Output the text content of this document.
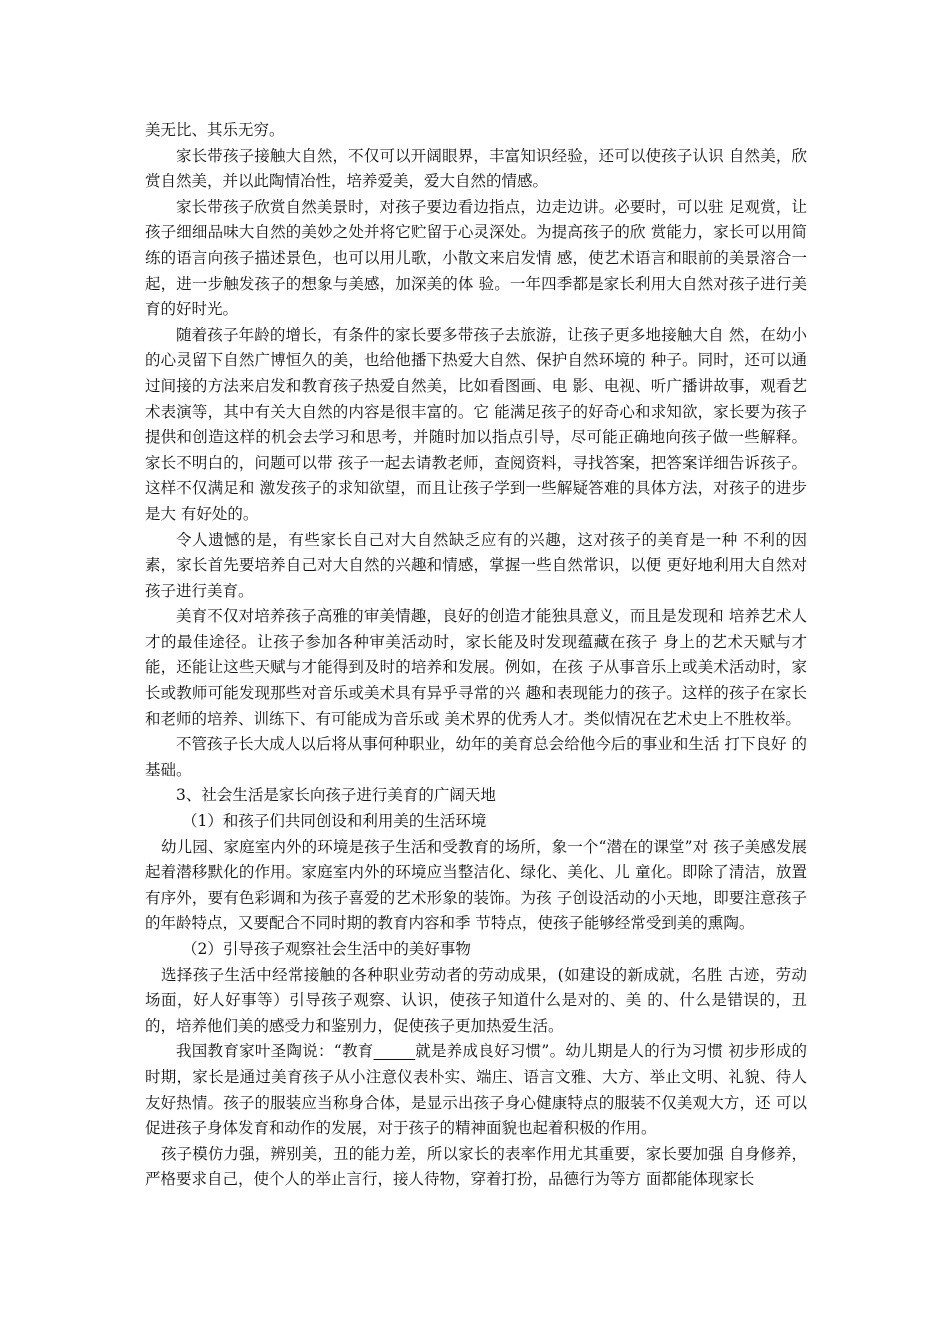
美无比、其乐无穷。

家长带孩子接触大自然，不仅可以开阔眼界，丰富知识经验，还可以使孩子认识 自然美，欣赏自然美，并以此陶情冶性，培养爱美，爱大自然的情感。

家长带孩子欣赏自然美景时，对孩子要边看边指点，边走边讲。必要时，可以驻 足观赏，让孩子细细品味大自然的美妙之处并将它贮留于心灵深处。为提高孩子的欣 赏能力，家长可以用简练的语言向孩子描述景色，也可以用儿歌，小散文来启发情 感，使艺术语言和眼前的美景溶合一起，进一步触发孩子的想象与美感，加深美的体 验。一年四季都是家长利用大自然对孩子进行美育的好时光。

随着孩子年龄的增长，有条件的家长要多带孩子去旅游，让孩子更多地接触大自 然，在幼小的心灵留下自然广博恒久的美，也给他播下热爱大自然、保护自然环境的 种子。同时，还可以通过间接的方法来启发和教育孩子热爱自然美，比如看图画、电 影、电视、听广播讲故事，观看艺术表演等，其中有关大自然的内容是很丰富的。它 能满足孩子的好奇心和求知欲，家长要为孩子提供和创造这样的机会去学习和思考，并随时加以指点引导，尽可能正确地向孩子做一些解释。家长不明白的，问题可以带 孩子一起去请教老师，查阅资料，寻找答案，把答案详细告诉孩子。这样不仅满足和 激发孩子的求知欲望，而且让孩子学到一些解疑答难的具体方法，对孩子的进步是大 有好处的。

令人遗憾的是，有些家长自己对大自然缺乏应有的兴趣，这对孩子的美育是一种 不利的因素，家长首先要培养自己对大自然的兴趣和情感，掌握一些自然常识，以便 更好地利用大自然对孩子进行美育。

美育不仅对培养孩子高雅的审美情趣，良好的创造才能独具意义，而且是发现和 培养艺术人才的最佳途径。让孩子参加各种审美活动时，家长能及时发现蕴藏在孩子 身上的艺术天赋与才能，还能让这些天赋与才能得到及时的培养和发展。例如，在孩 子从事音乐上或美术活动时，家长或教师可能发现那些对音乐或美术具有异乎寻常的兴 趣和表现能力的孩子。这样的孩子在家长和老师的培养、训练下、有可能成为音乐或 美术界的优秀人才。类似情况在艺术史上不胜枚举。

不管孩子长大成人以后将从事何种职业，幼年的美育总会给他今后的事业和生活 打下良好 的基础。

3、社会生活是家长向孩子进行美育的广阔天地

（1）和孩子们共同创设和利用美的生活环境

幼儿园、家庭室内外的环境是孩子生活和受教育的场所，象一个“潜在的课堂”对 孩子美感发展起着潜移默化的作用。家庭室内外的环境应当整洁化、绿化、美化、儿 童化。即除了清洁，放置有序外，要有色彩调和为孩子喜爱的艺术形象的装饰。为孩 子创设活动的小天地，即要注意孩子的年龄特点，又要配合不同时期的教育内容和季 节特点，使孩子能够经常受到美的熏陶。

（2）引导孩子观察社会生活中的美好事物

选择孩子生活中经常接触的各种职业劳动者的劳动成果，(如建设的新成就，名胜 古迹，劳动场面，好人好事等）引导孩子观察、认识，使孩子知道什么是对的、美 的、什么是错误的，丑的，培养他们美的感受力和鉴别力，促使孩子更加热爱生活。

我国教育家叶圣陶说：“教育	就是养成良好习惯”。幼儿期是人的行为习惯 初步形成的时期，家长是通过美育孩子从小注意仪表朴实、端庄、语言文雅、大方、举止文明、礼貌、待人友好热情。孩子的服装应当称身合体，是显示出孩子身心健康特点的服装不仅美观大方，还 可以促进孩子身体发育和动作的发展，对于孩子的精神面貌也起着积极的作用。

孩子模仿力强，辨别美，丑的能力差，所以家长的表率作用尤其重要，家长要加强 自身修养，严格要求自己，使个人的举止言行，接人待物，穿着打扮，品德行为等方 面都能体现家长
